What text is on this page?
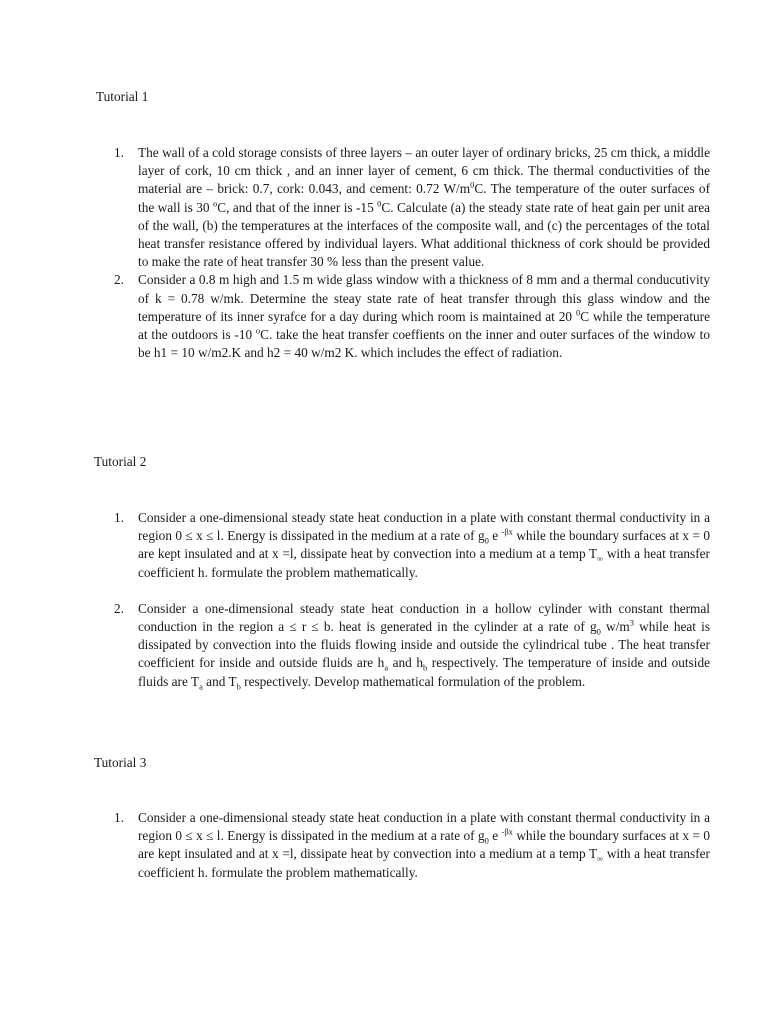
Tutorial 1
1. The wall of a cold storage consists of three layers – an outer layer of ordinary bricks, 25 cm thick, a middle layer of cork, 10 cm thick , and an inner layer of cement, 6 cm thick. The thermal conductivities of the material are – brick: 0.7, cork: 0.043, and cement: 0.72 $W/m^0C$. The temperature of the outer surfaces of the wall is 30 $^o$C, and that of the inner is -15 $^0$C. Calculate (a) the steady state rate of heat gain per unit area of the wall, (b) the temperatures at the interfaces of the composite wall, and (c) the percentages of the total heat transfer resistance offered by individual layers. What additional thickness of cork should be provided to make the rate of heat transfer 30 % less than the present value.
2. Consider a 0.8 m high and 1.5 m wide glass window with a thickness of 8 mm and a thermal conducutivity of k = 0.78 w/mk. Determine the steay state rate of heat transfer through this glass window and the temperature of its inner syrafce for a day during which room is maintained at 20 $^0$C while the temperature at the outdoors is -10 $^o$C. take the heat transfer coeffients on the inner and outer surfaces of the window to be h1 = 10 w/m2.K and h2 = 40 w/m2 K. which includes the effect of radiation.
Tutorial 2
1. Consider a one-dimensional steady state heat conduction in a plate with constant thermal conductivity in a region 0 ≤ x ≤ l. Energy is dissipated in the medium at a rate of $g_0$ e $^{-\beta x}$ while the boundary surfaces at x = 0 are kept insulated and at x =l, dissipate heat by convection into a medium at a temp $T_\infty$ with a heat transfer coefficient h. formulate the problem mathematically.
2. Consider a one-dimensional steady state heat conduction in a hollow cylinder with constant thermal conduction in the region a ≤ r ≤ b. heat is generated in the cylinder at a rate of $g_0$ $w/m^3$ while heat is dissipated by convection into the fluids flowing inside and outside the cylindrical tube . The heat transfer coefficient for inside and outside fluids are $h_a$ and $h_b$ respectively. The temperature of inside and outside fluids are $T_a$ and $T_b$ respectively. Develop mathematical formulation of the problem.
Tutorial 3
1. Consider a one-dimensional steady state heat conduction in a plate with constant thermal conductivity in a region 0 ≤ x ≤ l. Energy is dissipated in the medium at a rate of $g_0$ e $^{-\beta x}$ while the boundary surfaces at x = 0 are kept insulated and at x =l, dissipate heat by convection into a medium at a temp $T_\infty$ with a heat transfer coefficient h. formulate the problem mathematically.
